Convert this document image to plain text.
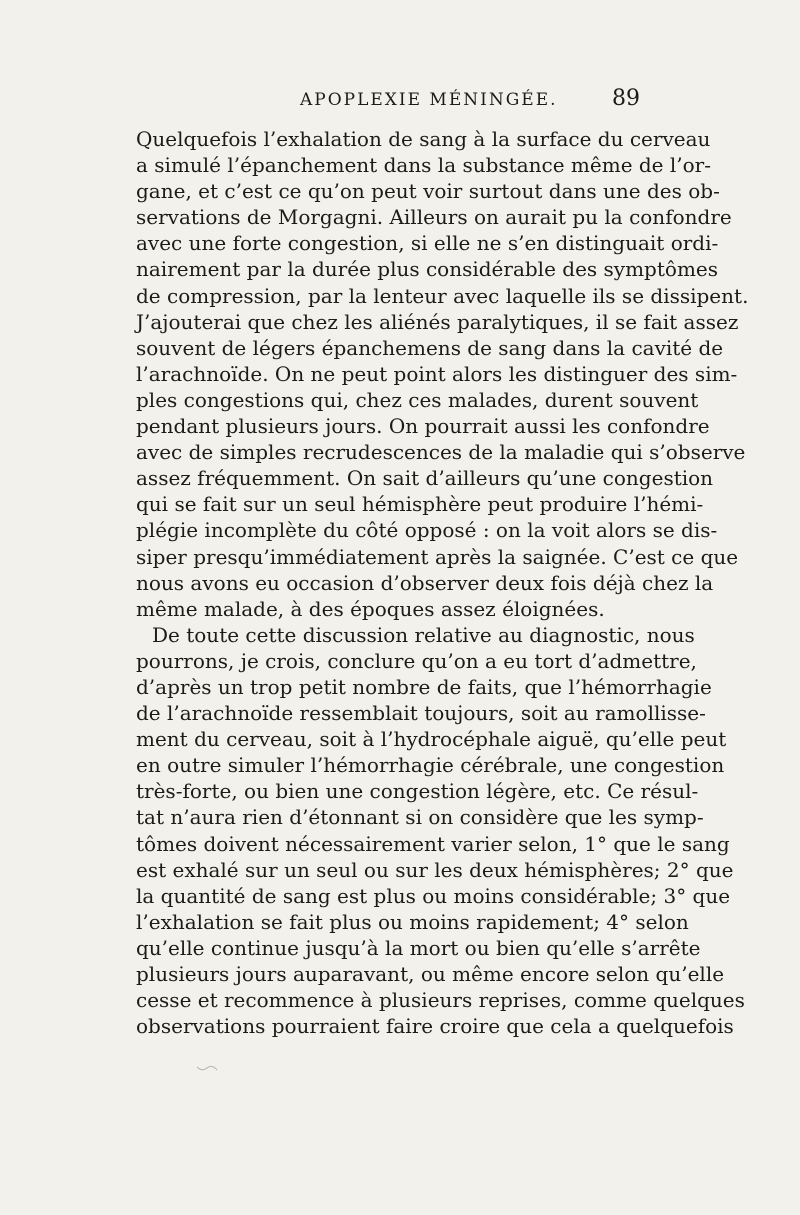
APOPLEXIE MÉNINGÉE. 89
Quelquefois l’exhalation de sang à la surface du cerveau
a simulé l’épanchement dans la substance même de l’or-
gane, et c’est ce qu’on peut voir surtout dans une des ob-
servations de Morgagni. Ailleurs on aurait pu la confondre
avec une forte congestion, si elle ne s’en distinguait ordi-
nairement par la durée plus considérable des symptômes
de compression, par la lenteur avec laquelle ils se dissipent.
J’ajouterai que chez les aliénés paralytiques, il se fait assez
souvent de légers épanchemens de sang dans la cavité de
l’arachnoïde. On ne peut point alors les distinguer des sim-
ples congestions qui, chez ces malades, durent souvent
pendant plusieurs jours. On pourrait aussi les confondre
avec de simples recrudescences de la maladie qui s’observe
assez fréquemment. On sait d’ailleurs qu’une congestion
qui se fait sur un seul hémisphère peut produire l’hémi-
plégie incomplète du côté opposé : on la voit alors se dis-
siper presqu’immédiatement après la saignée. C’est ce que
nous avons eu occasion d’observer deux fois déjà chez la
même malade, à des époques assez éloignées.
De toute cette discussion relative au diagnostic, nous
pourrons, je crois, conclure qu’on a eu tort d’admettre,
d’après un trop petit nombre de faits, que l’hémorrhagie
de l’arachnoïde ressemblait toujours, soit au ramollisse-
ment du cerveau, soit à l’hydrocéphale aiguë, qu’elle peut
en outre simuler l’hémorrhagie cérébrale, une congestion
très-forte, ou bien une congestion légère, etc. Ce résul-
tat n’aura rien d’étonnant si on considère que les symp-
tômes doivent nécessairement varier selon, 1° que le sang
est exhalé sur un seul ou sur les deux hémisphères; 2° que
la quantité de sang est plus ou moins considérable; 3° que
l’exhalation se fait plus ou moins rapidement; 4° selon
qu’elle continue jusqu’à la mort ou bien qu’elle s’arrête
plusieurs jours auparavant, ou même encore selon qu’elle
cesse et recommence à plusieurs reprises, comme quelques
observations pourraient faire croire que cela a quelquefois
